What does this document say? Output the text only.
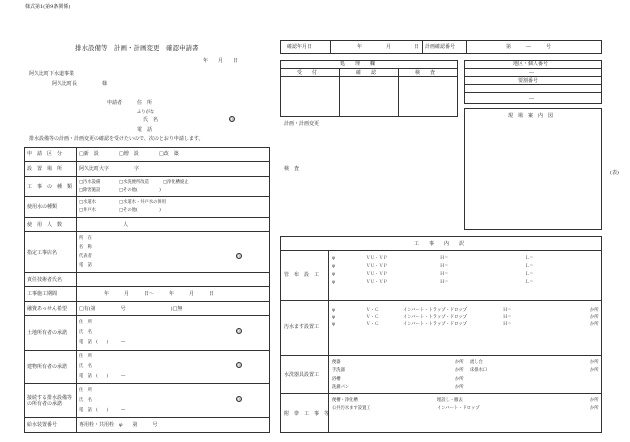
様式第1(第9条関係)
排水設備等　計画・計画変更　確認申請書
年　　月　　日
阿久比町下水道事業
阿久比町長　　　　　様
申請者	住　所
ふりがな
氏　名	印
電　話
排水設備等の計画・計画変更の確認を受けたいので、次のとおり申請します。
申　請　区　分	□新　設	□増　設	□改　築
設　置　場　所	阿久比町大字　　　　　字
工　事　の　種　類
□汚水設備	□水洗便所改造	□浄化槽廃止
□除害施設	□その他(　　　　　)
使用水の種類
□水道水	□水道水・井戸水の併用
□井戸水	□その他(　　　　　)
使　用　人　数	人
指定工事店名
所　在
名　称
代表者
電　話
印
責任技術者氏名
工事施工期間	年　　　月　　　日〜　　　年　　　月　　　日
融資あっせん希望 □有(第　　　　　号　　　　　　　　　)□無
土地所有者の承諾
住　所
氏　名
電　話　(　　)　　　―
印
建物所有者の承諾
住　所
氏　名
電　話　(　　)　　　―
印
接続する排水設備等の所有者の承諾
住　所
氏　名
電　話　(　　)　　　―
印
給水装置番号	専用栓・共用栓　φ　　第　　　号
確認年月日	年	月	日 計画確認番号	第　　　―　　　号
処　　理　　欄
受　　付	確　　認	検　　査
地区・個人番号
―
要割番号
―
現　場　案　内　図
計画・計画変更
検　査
(表)
工　　事　　内　　訳
管　布　設　工
φ	ＶＵ・ＶＰ	Ｈ＝	Ｌ＝
φ	ＶＵ・ＶＰ	Ｈ＝	Ｌ＝
φ	ＶＵ・ＶＰ	Ｈ＝	Ｌ＝
φ	ＶＵ・ＶＰ	Ｈ＝	Ｌ＝
汚水ます設置工
φ	Ｖ・Ｃ	インバート・トラップ・ドロップ	Ｈ＝	か所
φ	Ｖ・Ｃ	インバート・トラップ・ドロップ	Ｈ＝	か所
φ	Ｖ・Ｃ	インバート・トラップ・ドロップ	Ｈ＝	か所
水洗器具設置工
便器	か所 流し台	か所
手洗器	か所 床排水口	か所
浴槽	か所
洗濯パン	か所
附　帯　工　事　等
便槽・浄化槽	埋設し・撤去	か所
公共汚水ます設置工	インバート・ドロップ	か所
